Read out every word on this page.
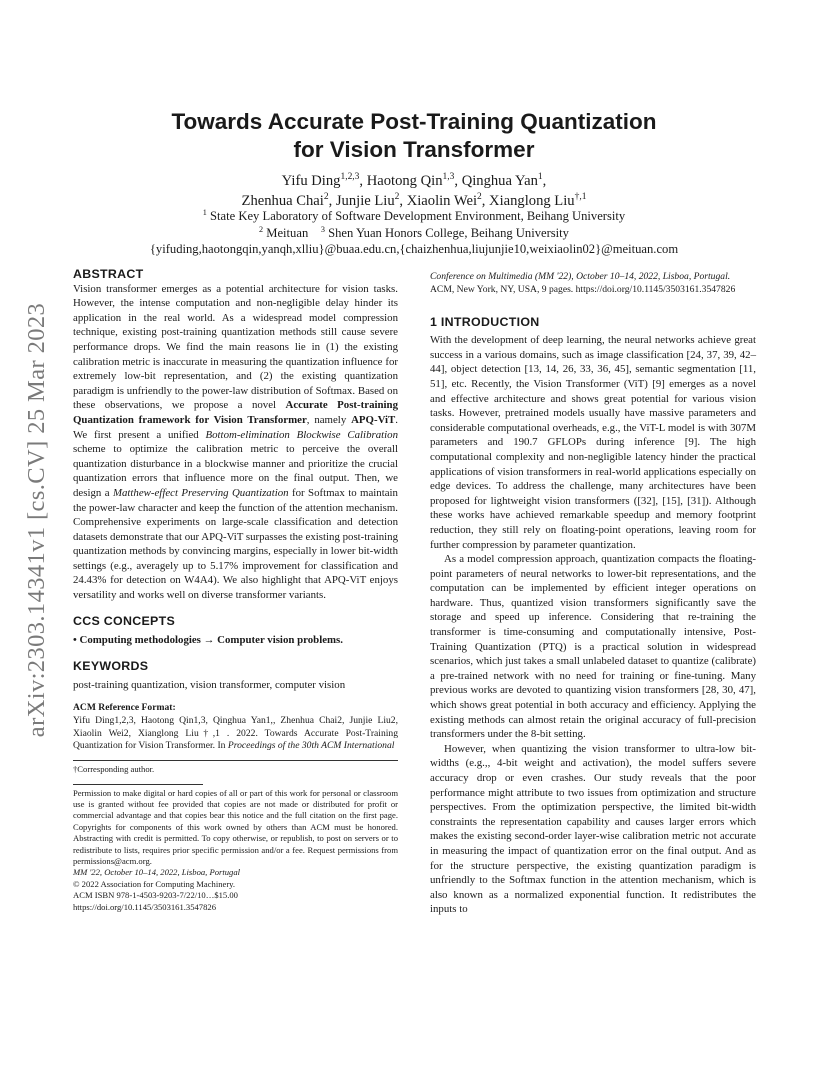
arXiv:2303.14341v1 [cs.CV] 25 Mar 2023
Towards Accurate Post-Training Quantization
for Vision Transformer
Yifu Ding$^{1,2,3}$, Haotong Qin$^{1,3}$, Qinghua Yan$^1$,
Zhenhua Chai$^2$, Junjie Liu$^2$, Xiaolin Wei$^2$, Xianglong Liu$^{\dagger,1}$
$^1$ State Key Laboratory of Software Development Environment, Beihang University
$^2$ Meituan $^3$ Shen Yuan Honors College, Beihang University
{yifuding,haotongqin,yanqh,xlliu}@buaa.edu.cn,{chaizhenhua,liujunjie10,weixiaolin02}@meituan.com
ABSTRACT

Vision transformer emerges as a potential architecture for vision tasks. However, the intense computation and non-negligible delay hinder its application in the real world. As a widespread model compression technique, existing post-training quantization methods still cause severe performance drops. We find the main reasons lie in (1) the existing calibration metric is inaccurate in measuring the quantization influence for extremely low-bit representation, and (2) the existing quantization paradigm is unfriendly to the power-law distribution of Softmax. Based on these observations, we propose a novel Accurate Post-training Quantization framework for Vision Transformer, namely APQ-ViT. We first present a unified Bottom-elimination Blockwise Calibration scheme to optimize the calibration metric to perceive the overall quantization disturbance in a blockwise manner and prioritize the crucial quantization errors that influence more on the final output. Then, we design a Matthew-effect Preserving Quantization for Softmax to maintain the power-law character and keep the function of the attention mechanism. Comprehensive experiments on large-scale classification and detection datasets demonstrate that our APQ-ViT surpasses the existing post-training quantization methods by convincing margins, especially in lower bit-width settings (e.g., averagely up to 5.17% improvement for classification and 24.43% for detection on W4A4). We also highlight that APQ-ViT enjoys versatility and works well on diverse transformer variants.

CCS CONCEPTS

• Computing methodologies → Computer vision problems.

KEYWORDS

post-training quantization, vision transformer, computer vision

ACM Reference Format:

Yifu Ding1,2,3, Haotong Qin1,3, Qinghua Yan1,, Zhenhua Chai2, Junjie Liu2, Xiaolin Wei2, Xianglong Liu†,1 . 2022. Towards Accurate Post-Training Quantization for Vision Transformer. In Proceedings of the 30th ACM International

†Corresponding author.

Permission to make digital or hard copies of all or part of this work for personal or classroom use is granted without fee provided that copies are not made or distributed for profit or commercial advantage and that copies bear this notice and the full citation on the first page. Copyrights for components of this work owned by others than ACM must be honored. Abstracting with credit is permitted. To copy otherwise, or republish, to post on servers or to redistribute to lists, requires prior specific permission and/or a fee. Request permissions from permissions@acm.org.

MM '22, October 10–14, 2022, Lisboa, Portugal

© 2022 Association for Computing Machinery.

ACM ISBN 978-1-4503-9203-7/22/10…$15.00

https://doi.org/10.1145/3503161.3547826

Conference on Multimedia (MM '22), October 10–14, 2022, Lisboa, Portugal.

ACM, New York, NY, USA, 9 pages. https://doi.org/10.1145/3503161.3547826

1 INTRODUCTION

With the development of deep learning, the neural networks achieve great success in a various domains, such as image classification [24, 37, 39, 42–44], object detection [13, 14, 26, 33, 36, 45], semantic segmentation [11, 51], etc. Recently, the Vision Transformer (ViT) [9] emerges as a novel and effective architecture and shows great potential for various vision tasks. However, pretrained models usually have massive parameters and considerable computational overheads, e.g., the ViT-L model is with 307M parameters and 190.7 GFLOPs during inference [9]. The high computational complexity and non-negligible latency hinder the practical applications of vision transformers in real-world applications especially on edge devices. To address the challenge, many architectures have been proposed for lightweight vision transformers ([32], [15], [31]). Although these works have achieved remarkable speedup and memory footprint reduction, they still rely on floating-point operations, leaving room for further compression by parameter quantization.

As a model compression approach, quantization compacts the floating-point parameters of neural networks to lower-bit representations, and the computation can be implemented by efficient integer operations on hardware. Thus, quantized vision transformers significantly save the storage and speed up inference. Considering that re-training the transformer is time-consuming and computationally intensive, Post-Training Quantization (PTQ) is a practical solution in widespread scenarios, which just takes a small unlabeled dataset to quantize (calibrate) a pre-trained network with no need for training or fine-tuning. Many previous works are devoted to quantizing vision transformers [28, 30, 47], which shows great potential in both accuracy and efficiency. Applying the existing methods can almost retain the original accuracy of full-precision transformers under the 8-bit setting.

However, when quantizing the vision transformer to ultra-low bit-widths (e.g.,, 4-bit weight and activation), the model suffers severe accuracy drop or even crashes. Our study reveals that the poor performance might attribute to two issues from optimization and structure perspectives. From the optimization perspective, the limited bit-width constraints the representation capability and causes larger errors which makes the existing second-order layer-wise calibration metric not accurate in measuring the impact of quantization error on the final output. And as for the structure perspective, the existing quantization paradigm is unfriendly to the Softmax function in the attention mechanism, which is also known as a normalized exponential function. It redistributes the inputs to
